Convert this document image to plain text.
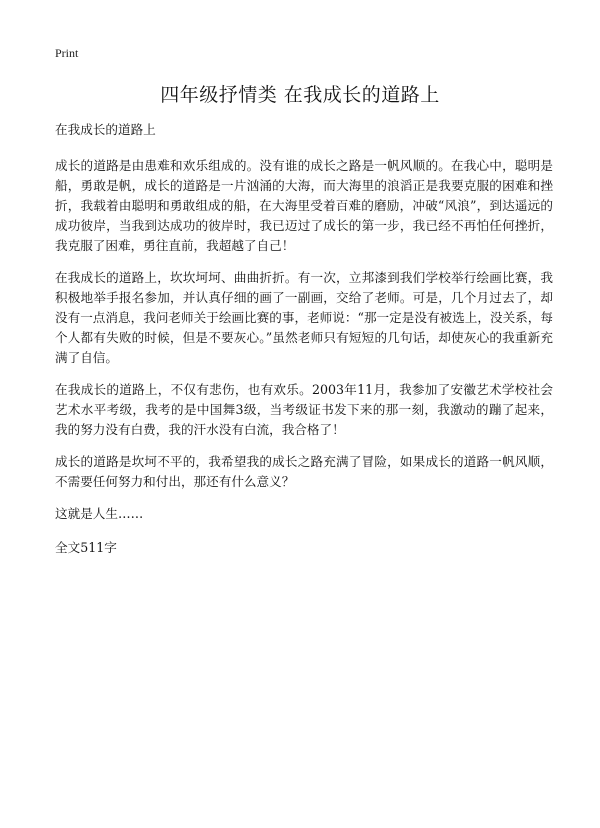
Print
四年级抒情类 在我成长的道路上

在我成长的道路上

成长的道路是由患难和欢乐组成的。没有谁的成长之路是一帆风顺的。在我心中，聪明是船，勇敢是帆，成长的道路是一片汹涌的大海，而大海里的浪滔正是我要克服的困难和挫折，我载着由聪明和勇敢组成的船，在大海里受着百难的磨励，冲破“风浪”，到达遥远的成功彼岸，当我到达成功的彼岸时，我已迈过了成长的第一步，我已经不再怕任何挫折，我克服了困难，勇往直前，我超越了自己！

在我成长的道路上，坎坎坷坷、曲曲折折。有一次，立邦漆到我们学校举行绘画比赛，我积极地举手报名参加，并认真仔细的画了一副画，交给了老师。可是，几个月过去了，却没有一点消息，我问老师关于绘画比赛的事，老师说：“那一定是没有被选上，没关系，每个人都有失败的时候，但是不要灰心。”虽然老师只有短短的几句话，却使灰心的我重新充满了自信。

在我成长的道路上，不仅有悲伤，也有欢乐。2003年11月，我参加了安徽艺术学校社会艺术水平考级，我考的是中国舞3级，当考级证书发下来的那一刻，我激动的蹦了起来，我的努力没有白费，我的汗水没有白流，我合格了！

成长的道路是坎坷不平的，我希望我的成长之路充满了冒险，如果成长的道路一帆风顺，不需要任何努力和付出，那还有什么意义？

这就是人生……

全文511字
